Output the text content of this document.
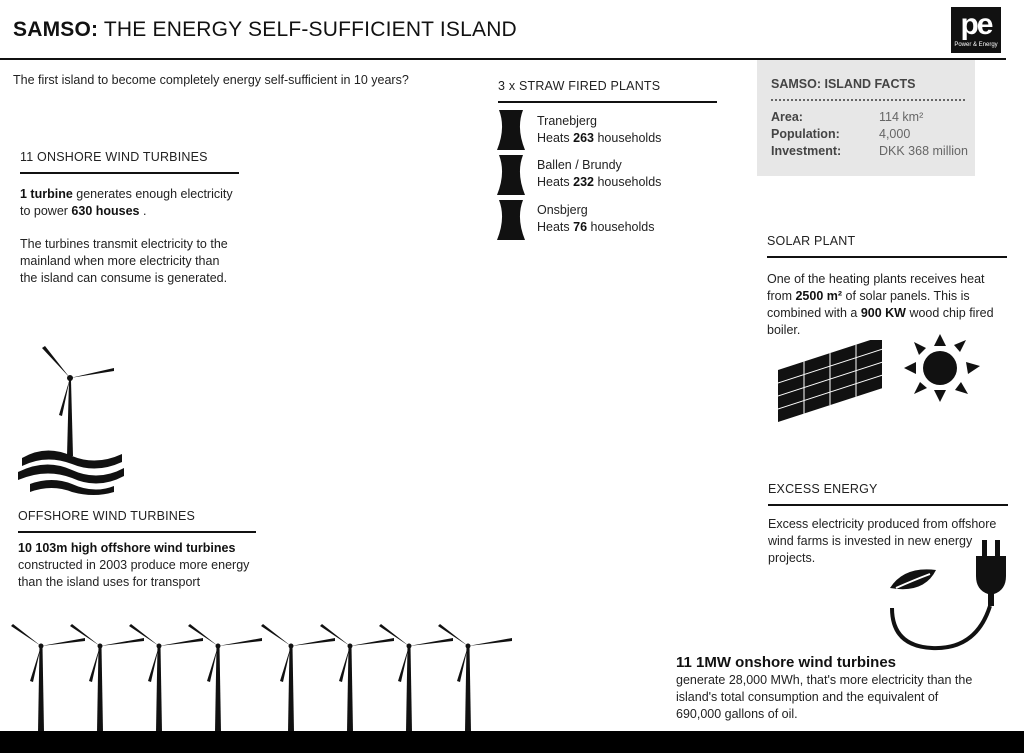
SAMSO: THE ENERGY SELF-SUFFICIENT ISLAND	pe
Power & Energy
The first island to become completely energy self-sufficient in 10 years?
11 ONSHORE WIND TURBINES
1 turbine generates enough electricity
to power 630 houses .
The turbines transmit electricity to the
mainland when more electricity than
the island can consume is generated.
3 x STRAW FIRED PLANTS
Tranebjerg
Heats 263 households
Ballen / Brundy
Heats 232 households
Onsbjerg
Heats 76 households
SAMSO: ISLAND FACTS
Area:	114 km²
Population:	4,000
Investment:	DKK 368 million
SOLAR PLANT
One of the heating plants receives heat
from 2500 m² of solar panels. This is
combined with a 900 KW wood chip fired
boiler.
OFFSHORE WIND TURBINES
10 103m high offshore wind turbines
constructed in 2003 produce more energy
than the island uses for transport
EXCESS ENERGY
Excess electricity produced from offshore
wind farms is invested in new energy
projects.
11 1MW onshore wind turbines
generate 28,000 MWh, that's more electricity than the
island's total consumption and the equivalent of
690,000 gallons of oil.
